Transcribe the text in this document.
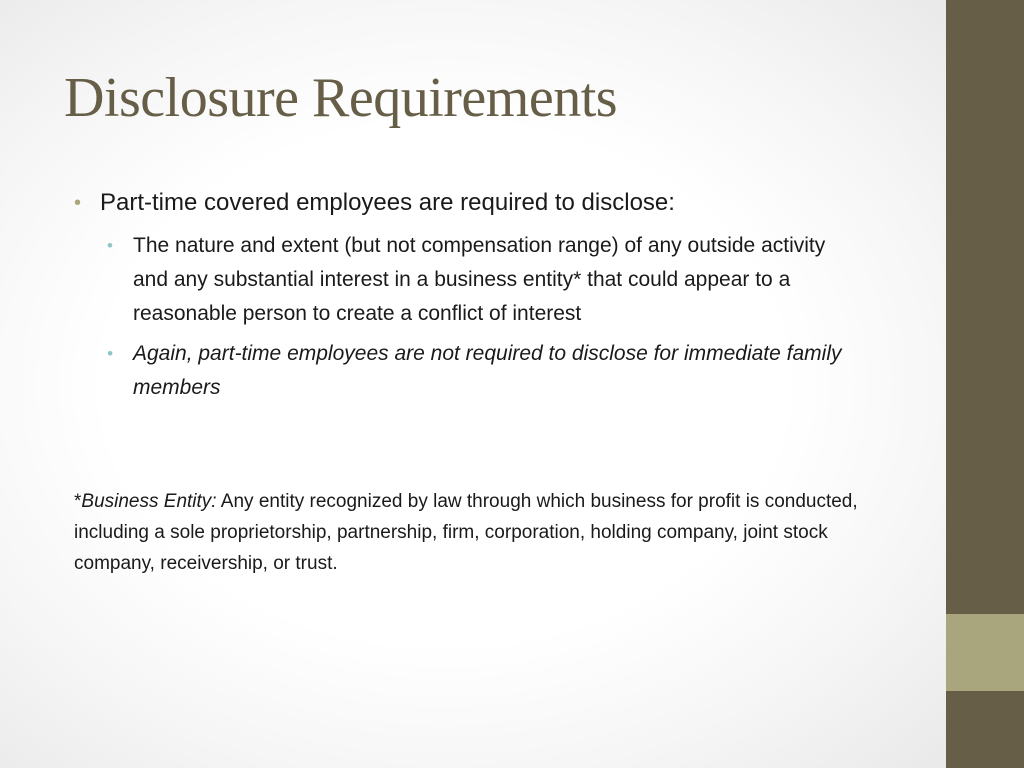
Disclosure Requirements
• Part-time covered employees are required to disclose:
• The nature and extent (but not compensation range) of any outside activity and any substantial interest in a business entity* that could appear to a reasonable person to create a conflict of interest
• Again, part-time employees are not required to disclose for immediate family members
*Business Entity: Any entity recognized by law through which business for profit is conducted, including a sole proprietorship, partnership, firm, corporation, holding company, joint stock company, receivership, or trust.
